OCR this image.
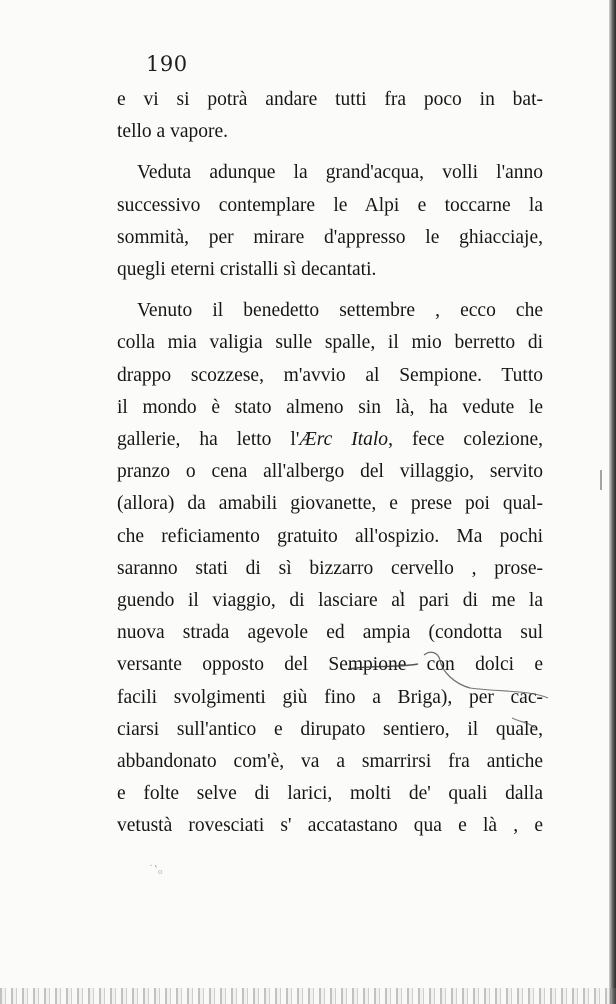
190
e vi si potrà andare tutti fra poco in bat-
tello a vapore.
Veduta adunque la grand'acqua, volli l'anno
successivo contemplare le Alpi e toccarne la
sommità, per mirare d'appresso le ghiacciaje,
quegli eterni cristalli sì decantati.
Venuto il benedetto settembre , ecco che
colla mia valigia sulle spalle, il mio berretto di
drappo scozzese, m'avvio al Sempione. Tutto
il mondo è stato almeno sin là, ha vedute le
gallerie, ha letto l'Ærc Italo, fece colezione,
pranzo o cena all'albergo del villaggio, servito
(allora) da amabili giovanette, e prese poi qual-
che reficiamento gratuito all'ospizio. Ma pochi
saranno stati di sì bizzarro cervello , prose-
guendo il viaggio, di lasciare al pari di me la
nuova strada agevole ed ampia (condotta sul
versante opposto del Sempione con dolci e
facili svolgimenti giù fino a Briga), per cac-
ciarsi sull'antico e dirupato sentiero, il quale,
abbandonato com'è, va a smarrirsi fra antiche
e folte selve di larici, molti de' quali dalla
vetustà rovesciati s' accatastano qua e là , e
˙‛ₒ
